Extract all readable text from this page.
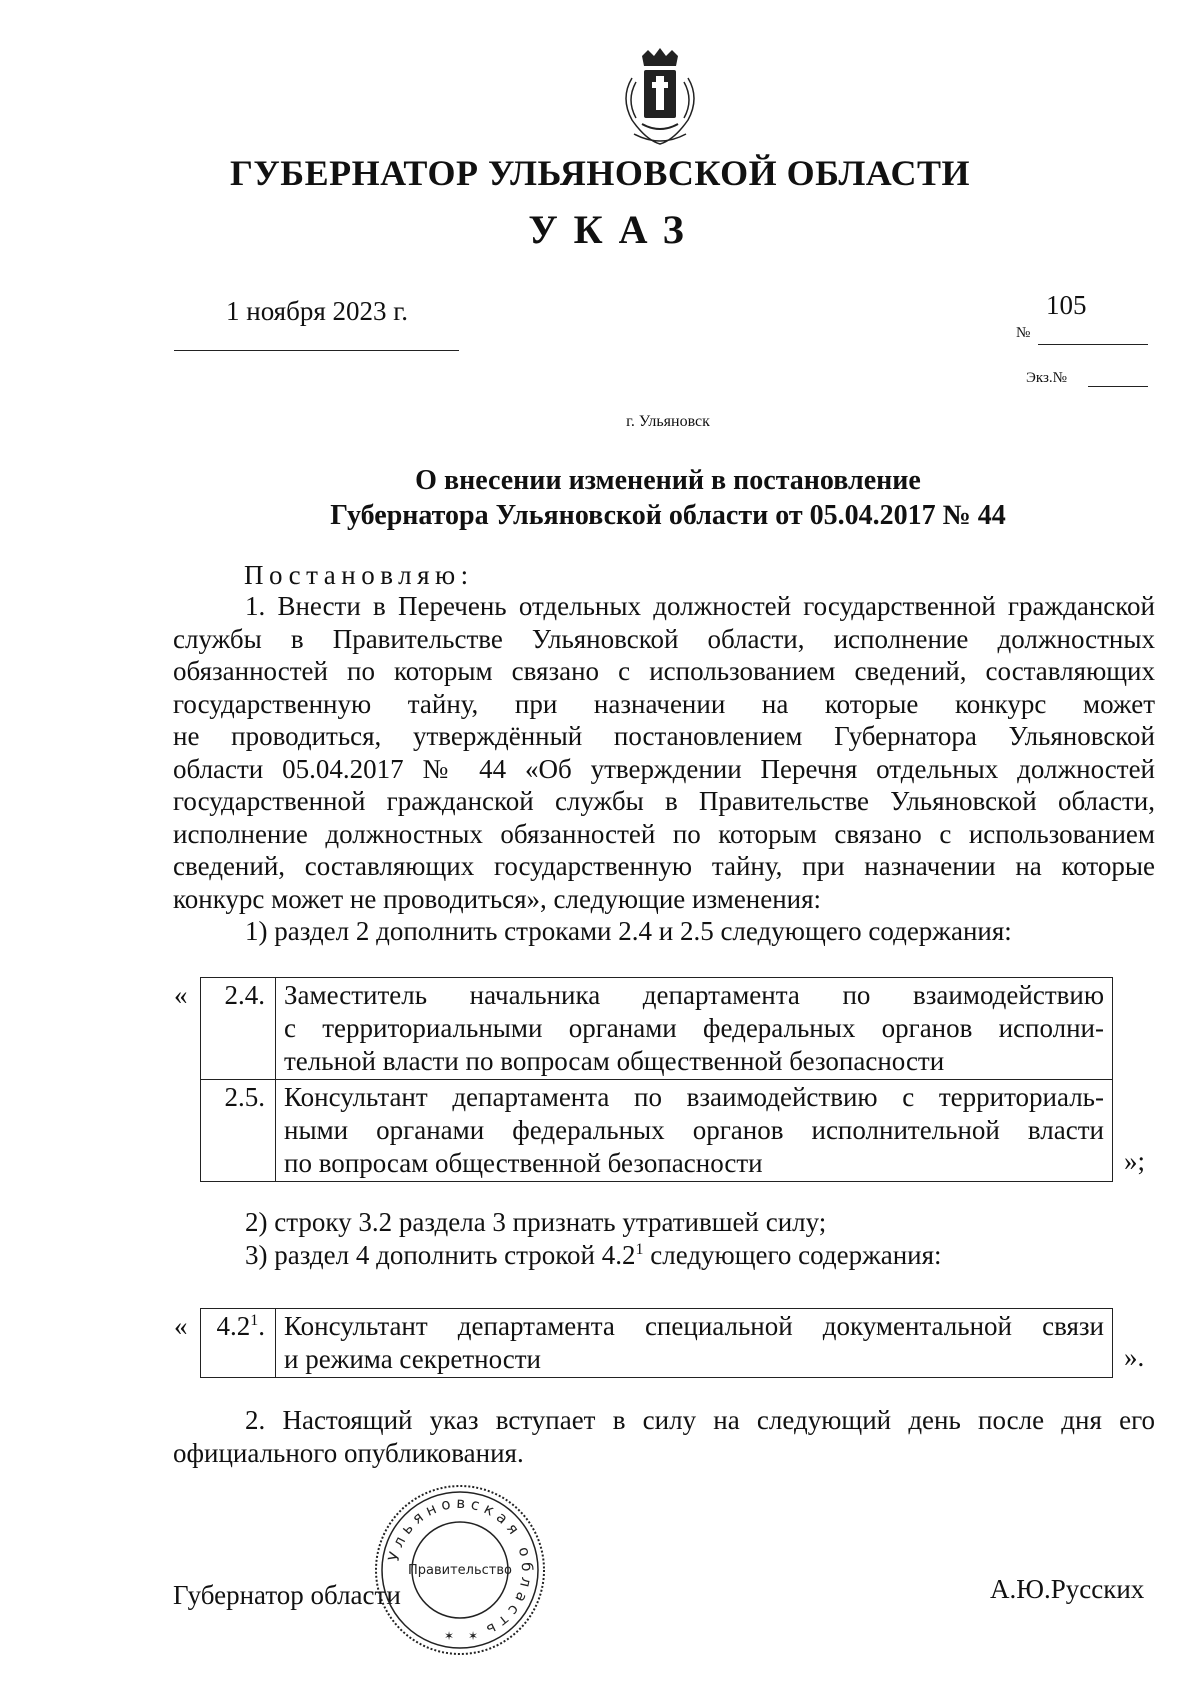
ГУБЕРНАТОР УЛЬЯНОВСКОЙ ОБЛАСТИ
УКАЗ
1 ноября 2023 г.	105
№
Экз.№
г. Ульяновск
О внесении изменений в постановление
Губернатора Ульяновской области от 05.04.2017 № 44
Постановляю:
1. Внести в Перечень отдельных должностей государственной гражданской
службы в Правительстве Ульяновской области, исполнение должностных
обязанностей по которым связано с использованием сведений, составляющих
государственную тайну, при назначении на которые конкурс может
не проводиться, утверждённый постановлением Губернатора Ульяновской
области 05.04.2017 № 44 «Об утверждении Перечня отдельных должностей
государственной гражданской службы в Правительстве Ульяновской области,
исполнение должностных обязанностей по которым связано с использованием
сведений, составляющих государственную тайну, при назначении на которые
конкурс может не проводиться», следующие изменения:
1) раздел 2 дополнить строками 2.4 и 2.5 следующего содержания:
« 2.4.	Заместитель начальника департамента по взаимодействию
с территориальными органами федеральных органов исполни-
тельной власти по вопросам общественной безопасности

2.5.	Консультант департамента по взаимодействию с территориаль-
ными органами федеральных органов исполнительной власти
по вопросам общественной безопасности	»;
2) строку 3.2 раздела 3 признать утратившей силу;
3) раздел 4 дополнить строкой $4.2^1$ следующего содержания:
« $4.2^1$.	Консультант департамента специальной документальной связи
и режима секретности	».
2. Настоящий указ вступает в силу на следующий день после дня его
официального опубликования.
Губернатор области	А.Ю.Русских
Ульяновская область
Правительство
✶ ✶
